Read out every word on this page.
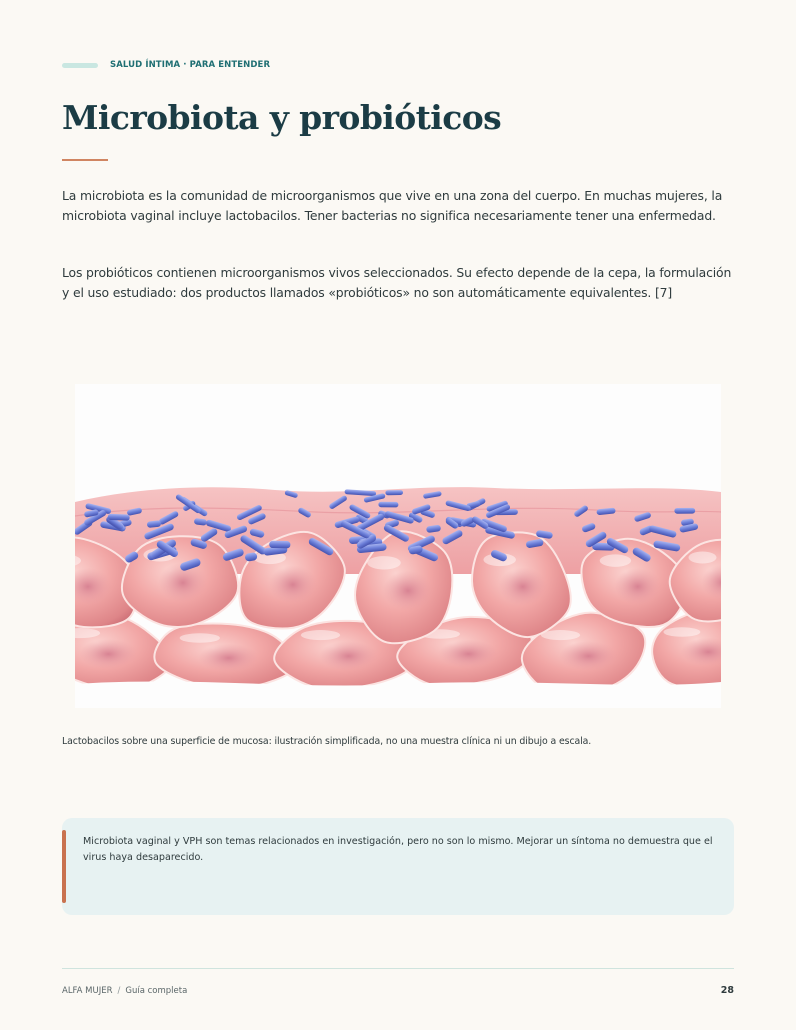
SALUD ÍNTIMA · PARA ENTENDER
Microbiota y probióticos

La microbiota es la comunidad de microorganismos que vive en una zona del cuerpo. En muchas mujeres, la microbiota vaginal incluye lactobacilos. Tener bacterias no significa necesariamente tener una enfermedad.

Los probióticos contienen microorganismos vivos seleccionados. Su efecto depende de la cepa, la formulación y el uso estudiado: dos productos llamados «probióticos» no son automáticamente equivalentes. [7]

Lactobacilos sobre una superficie de mucosa: ilustración simplificada, no una muestra clínica ni un dibujo a escala.

Microbiota vaginal y VPH son temas relacionados en investigación, pero no son lo mismo. Mejorar un síntoma no demuestra que el virus haya desaparecido.

ALFA MUJER / Guía completa	28
